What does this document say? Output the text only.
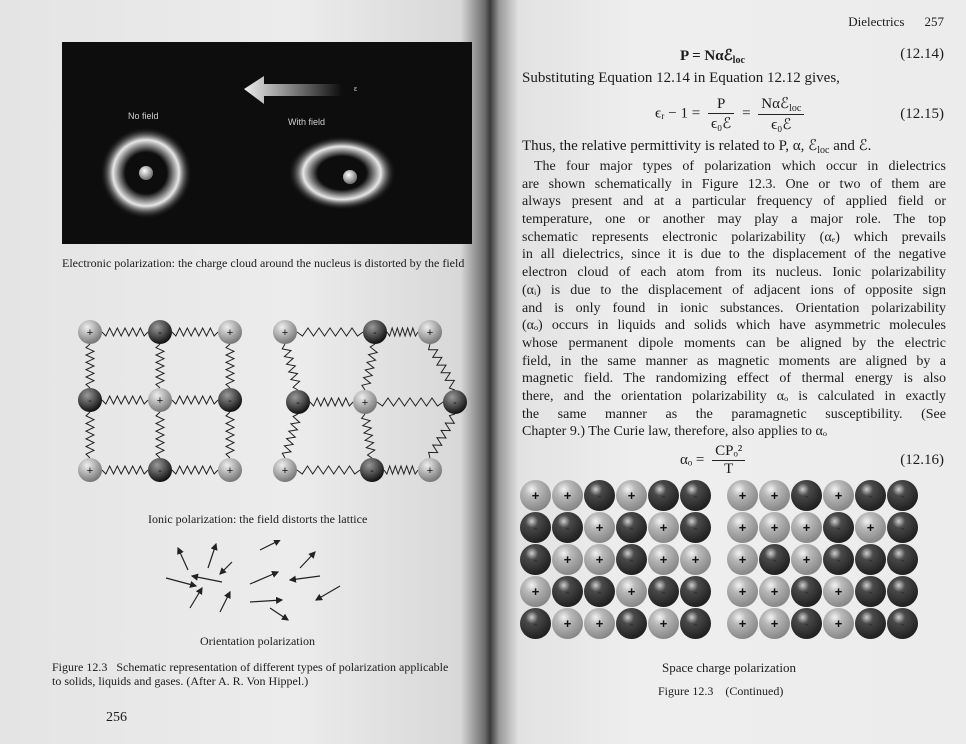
No field
With field
ε
Electronic polarization: the charge cloud around the nucleus is distorted by the field
+	-	+
-	+	-
+	-	+
+	-	+
-	+	-
+	-	+
Ionic polarization: the field distorts the lattice
Orientation polarization
Figure 12.3 Schematic representation of different types of polarization applicable
to solids, liquids and gases. (After A. R. Von Hippel.)
256
Dielectrics 257
P = Nαℰ$_{loc}$	(12.14)
Substituting Equation 12.14 in Equation 12.12 gives,
ϵᵣ − $1 = \frac{P}{\text{ϵ₀ℰ}} = \frac{N\alpha ℰ_{loc}}{\text{ϵ₀ℰ}}$	(12.15)
Thus, the relative permittivity is related to P, α, ℰ$_{loc}$ and ℰ.
The four major types of polarization which occur in dielectrics
are shown schematically in Figure 12.3. One or two of them are
always present and at a particular frequency of applied field or
temperature, one or another may play a major role. The top
schematic represents electronic polarizability (αₑ) which prevails
in all dielectrics, since it is due to the displacement of the negative
electron cloud of each atom from its nucleus. Ionic polarizability
(αᵢ) is due to the displacement of adjacent ions of opposite sign
and is only found in ionic substances. Orientation polarizability
(αₒ) occurs in liquids and solids which have asymmetric molecules
whose permanent dipole moments can be aligned by the electric
field, in the same manner as magnetic moments are aligned by a
magnetic field. The randomizing effect of thermal energy is also
there, and the orientation polarizability αₒ is calculated in exactly
the same manner as the paramagnetic susceptibility. (See
Chapter 9.) The Curie law, therefore, also applies to αₒ
$\alpha_o = \frac{\text{CPₒ²}}{T}$	(12.16)
+	+	-	+	-	-
-	-	+	-	+	-
-	+	+	-	+	+
+	-	-	+	-	-
-	+	+	-	+	-
+	+	-	+	-	-
+	+	+	-	+	-
+	-	+	-	-	-
+	+	-	+	-	-
+	+	-	+	-	-
Space charge polarization
Figure 12.3    (Continued)
